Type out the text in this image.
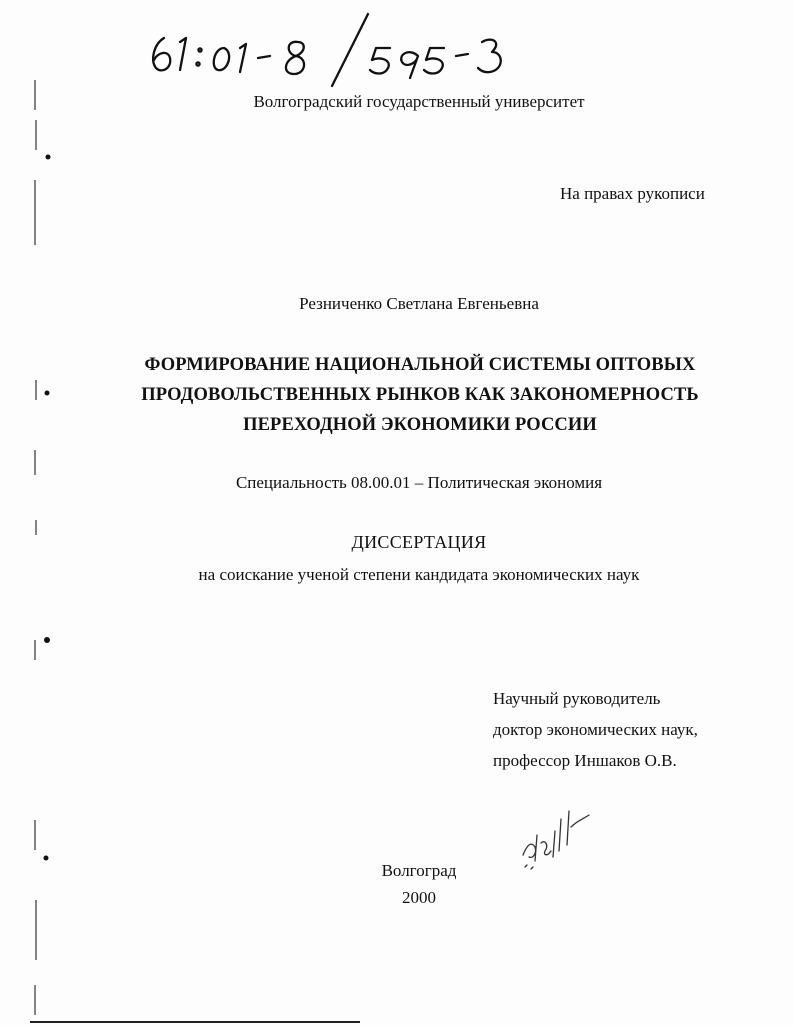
Волгоградский государственный университет
На правах рукописи
Резниченко Светлана Евгеньевна
ФОРМИРОВАНИЕ НАЦИОНАЛЬНОЙ СИСТЕМЫ ОПТОВЫХ
ПРОДОВОЛЬСТВЕННЫХ РЫНКОВ КАК ЗАКОНОМЕРНОСТЬ
ПЕРЕХОДНОЙ ЭКОНОМИКИ РОССИИ
Специальность 08.00.01 – Политическая экономия
ДИССЕРТАЦИЯ
на соискание ученой степени кандидата экономических наук
Научный руководитель
доктор экономических наук,
профессор Иншаков О.В.
Волгоград
2000
